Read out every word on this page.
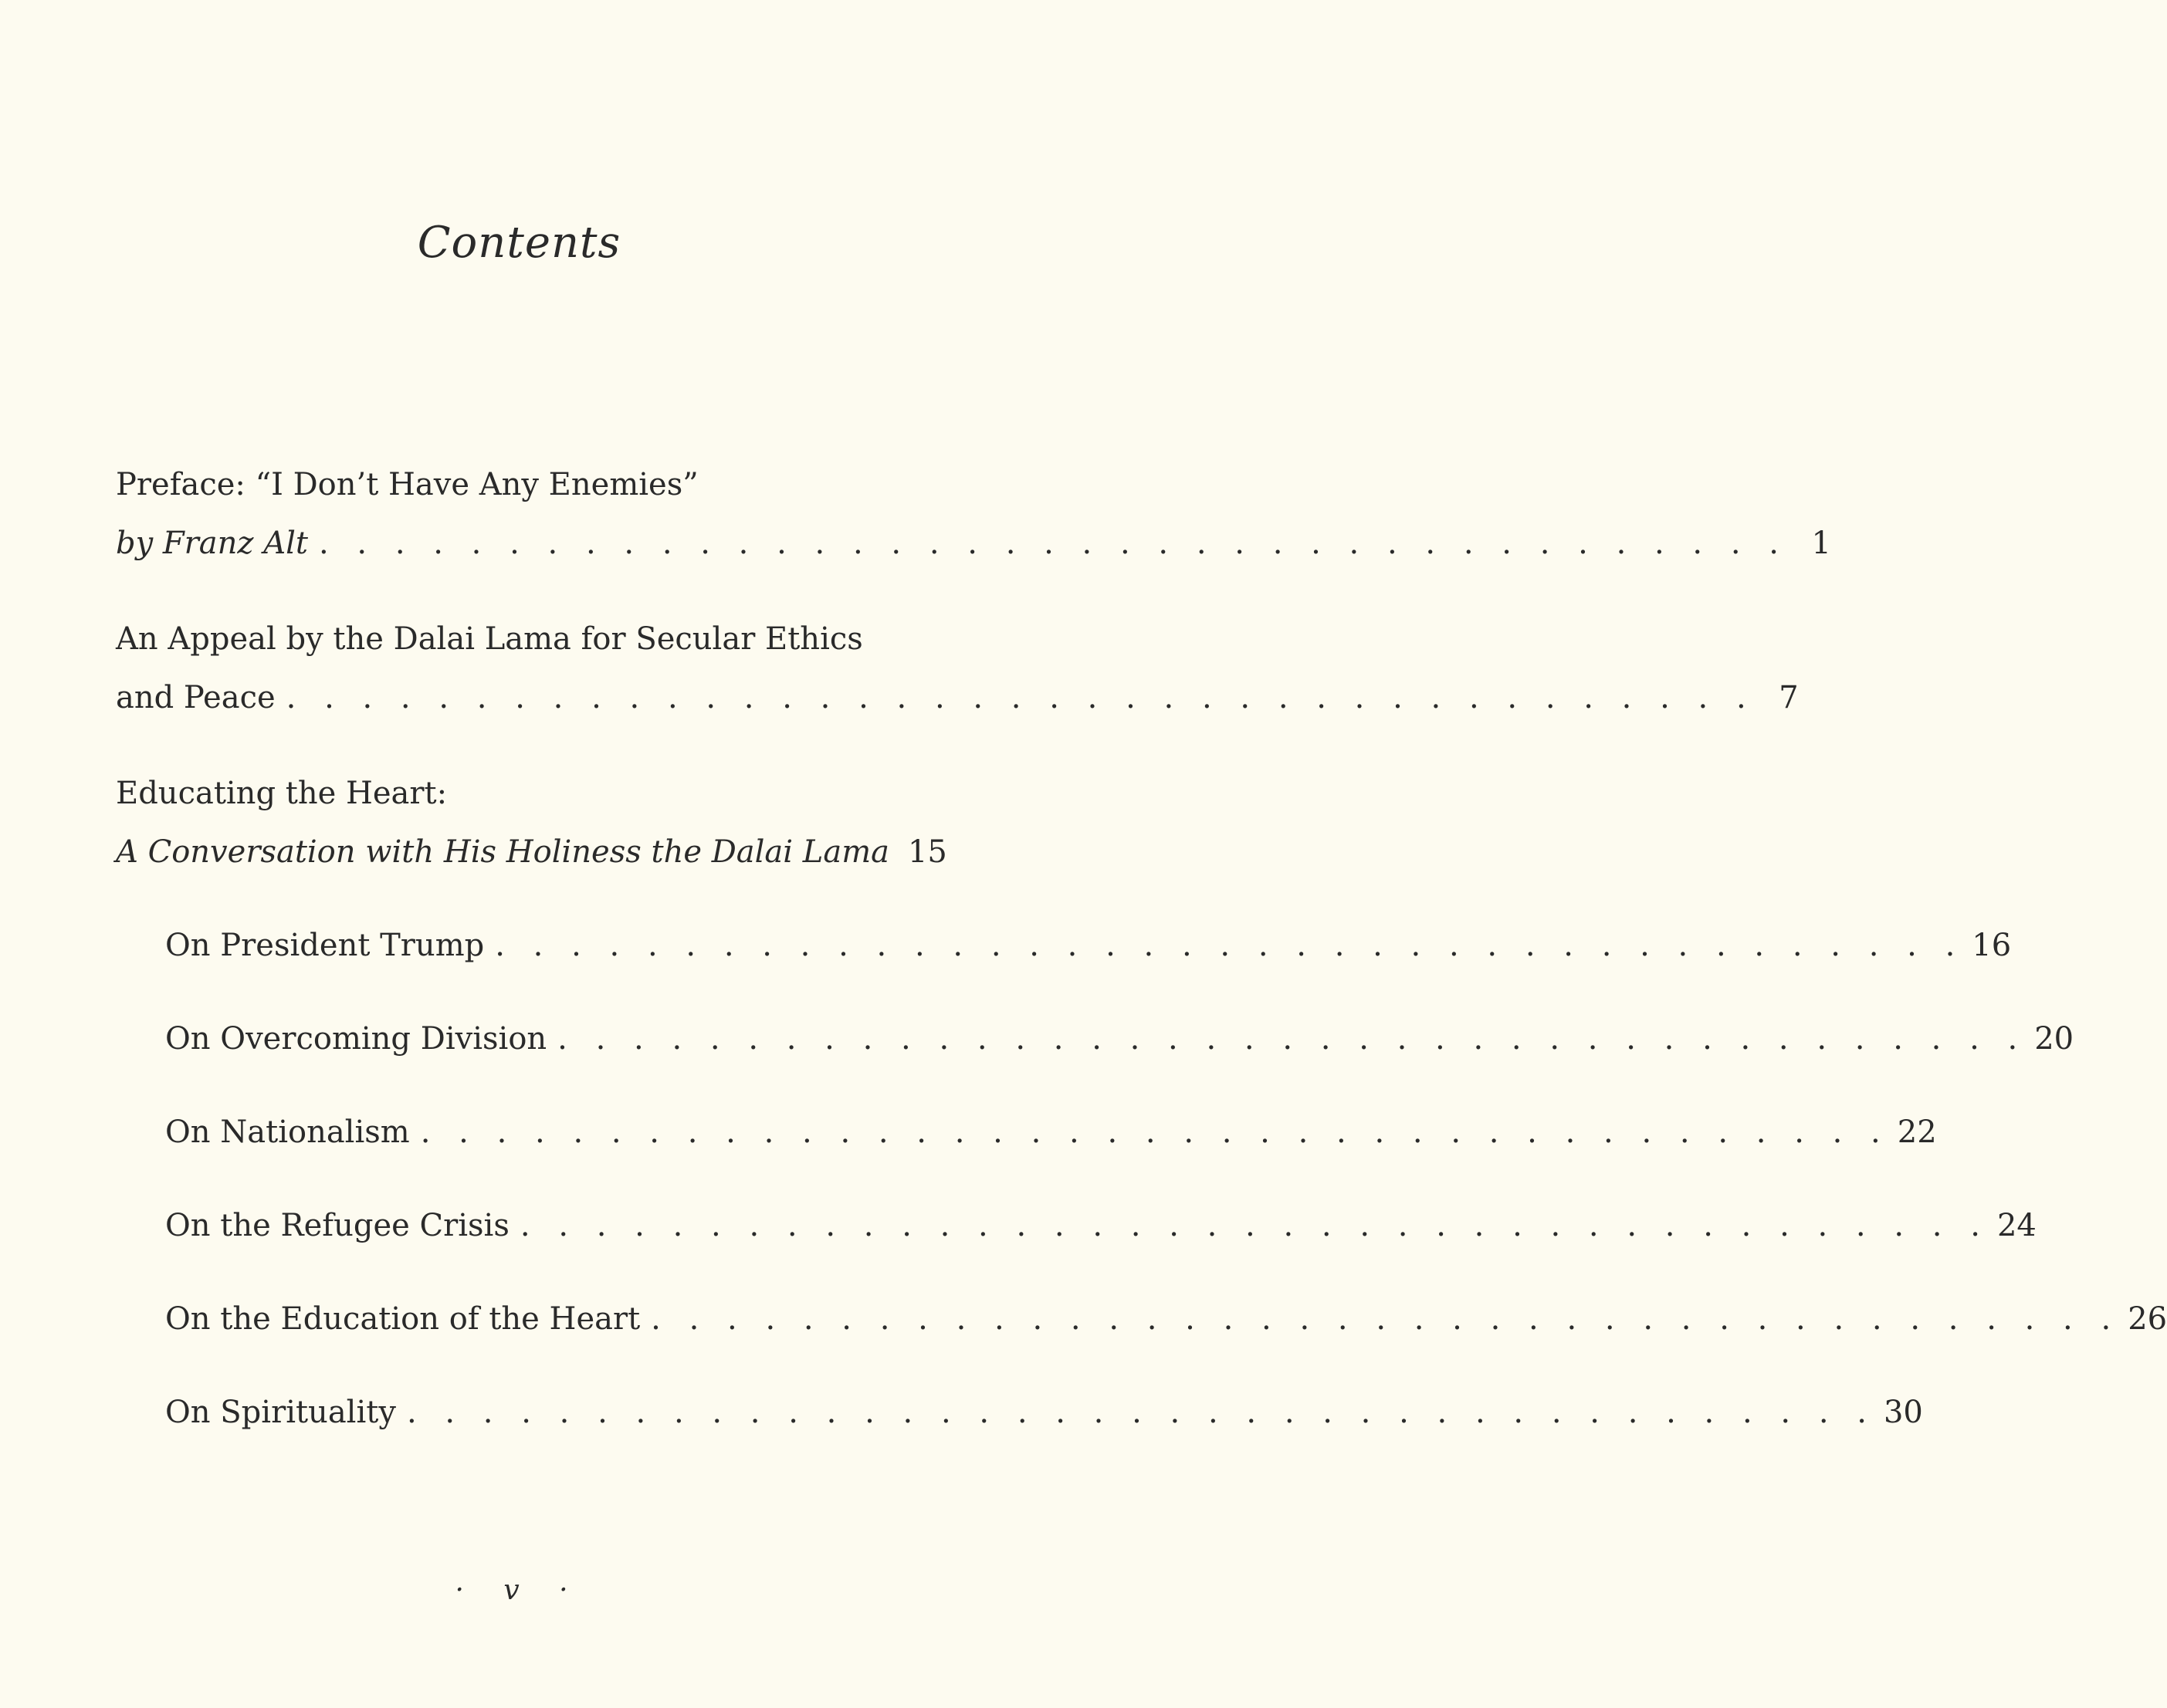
Contents
Preface: “I Don’t Have Any Enemies”
by Franz Alt . . . . . . . . . . . . . . . . . . . . . . . . . . . . . . . . . . . . . . . 1
An Appeal by the Dalai Lama for Secular Ethics
and Peace . . . . . . . . . . . . . . . . . . . . . . . . . . . . . . . . . . . . . . . 7
Educating the Heart:
A Conversation with His Holiness the Dalai Lama 15
On President Trump . . . . . . . . . . . . . . . . . . . . . . . . . . . . . . . . . . . . . . . 16
On Overcoming Division . . . . . . . . . . . . . . . . . . . . . . . . . . . . . . . . . . . . . . . 20
On Nationalism . . . . . . . . . . . . . . . . . . . . . . . . . . . . . . . . . . . . . . . 22
On the Refugee Crisis . . . . . . . . . . . . . . . . . . . . . . . . . . . . . . . . . . . . . . . 24
On the Education of the Heart . . . . . . . . . . . . . . . . . . . . . . . . . . . . . . . . . . . . . . . 26
On Spirituality . . . . . . . . . . . . . . . . . . . . . . . . . . . . . . . . . . . . . . . 30
· v ·
